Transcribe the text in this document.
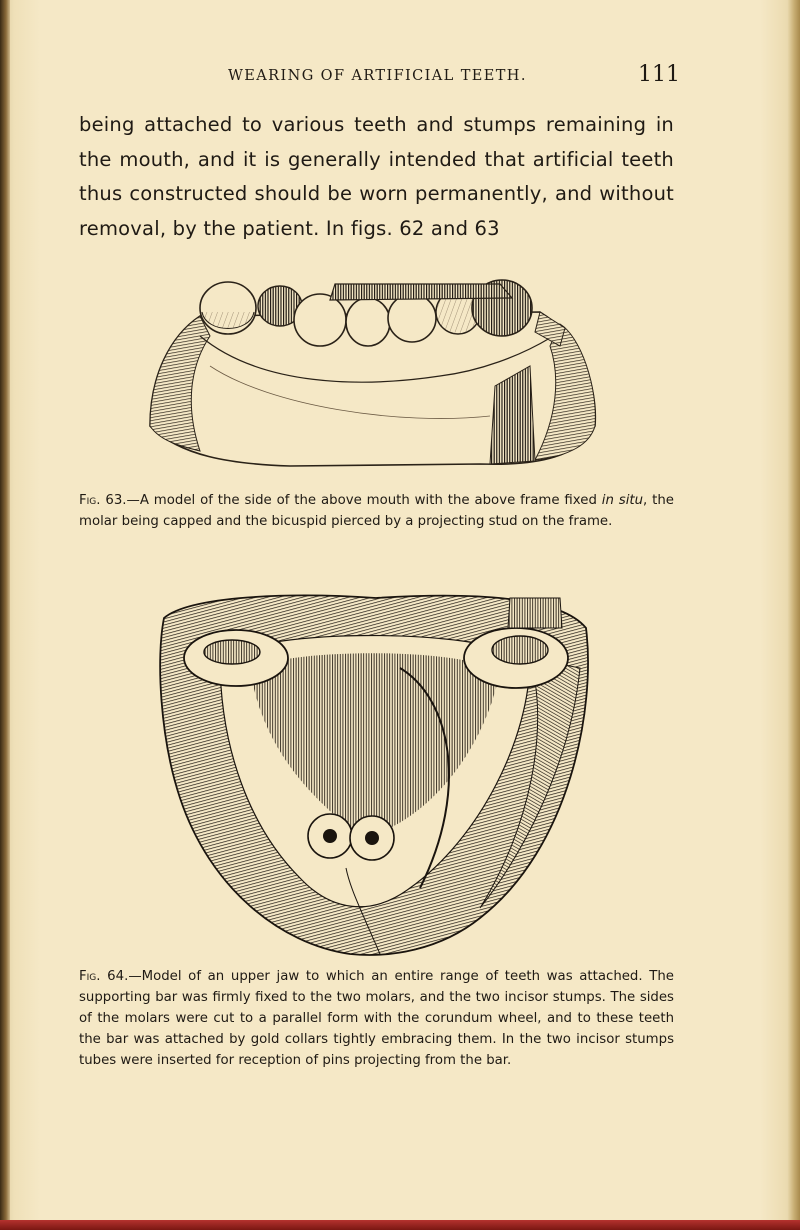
WEARING OF ARTIFICIAL TEETH.	111
being attached to various teeth and stumps remaining in the mouth, and it is generally intended that artificial teeth thus constructed should be worn permanently, and without removal, by the patient. In figs. 62 and 63
Fig. 63.—A model of the side of the above mouth with the above frame fixed in situ, the molar being capped and the bicuspid pierced by a projecting stud on the frame.
Fig. 64.—Model of an upper jaw to which an entire range of teeth was attached. The supporting bar was firmly fixed to the two molars, and the two incisor stumps. The sides of the molars were cut to a parallel form with the corundum wheel, and to these teeth the bar was attached by gold collars tightly embracing them. In the two incisor stumps tubes were inserted for reception of pins projecting from the bar.
